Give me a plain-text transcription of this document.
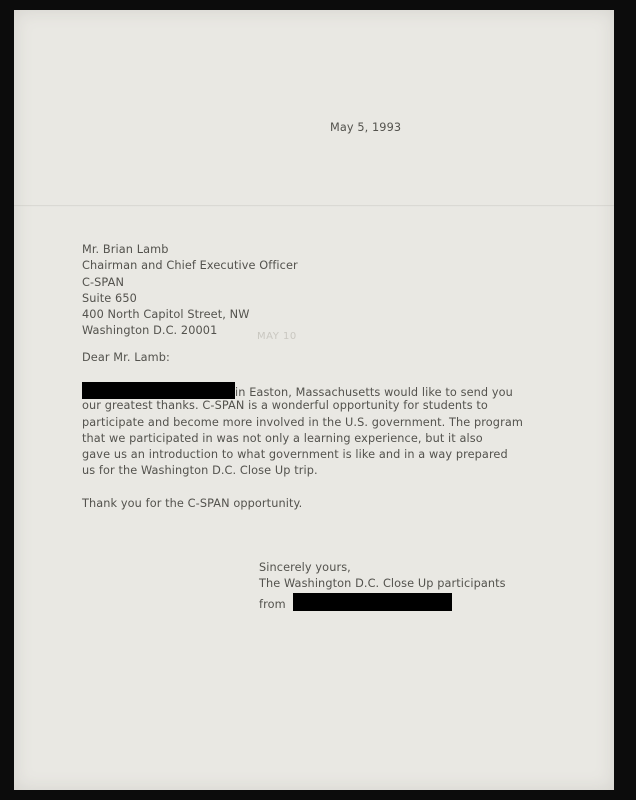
May 5, 1993
Mr. Brian Lamb
Chairman and Chief Executive Officer
C-SPAN
Suite 650
400 North Capitol Street, NW
Washington D.C. 20001	MAY 10
Dear Mr. Lamb:
in Easton, Massachusetts would like to send you
our greatest thanks. C-SPAN is a wonderful opportunity for students to
participate and become more involved in the U.S. government. The program
that we participated in was not only a learning experience, but it also
gave us an introduction to what government is like and in a way prepared
us for the Washington D.C. Close Up trip.
Thank you for the C-SPAN opportunity.
Sincerely yours,
The Washington D.C. Close Up participants
from
